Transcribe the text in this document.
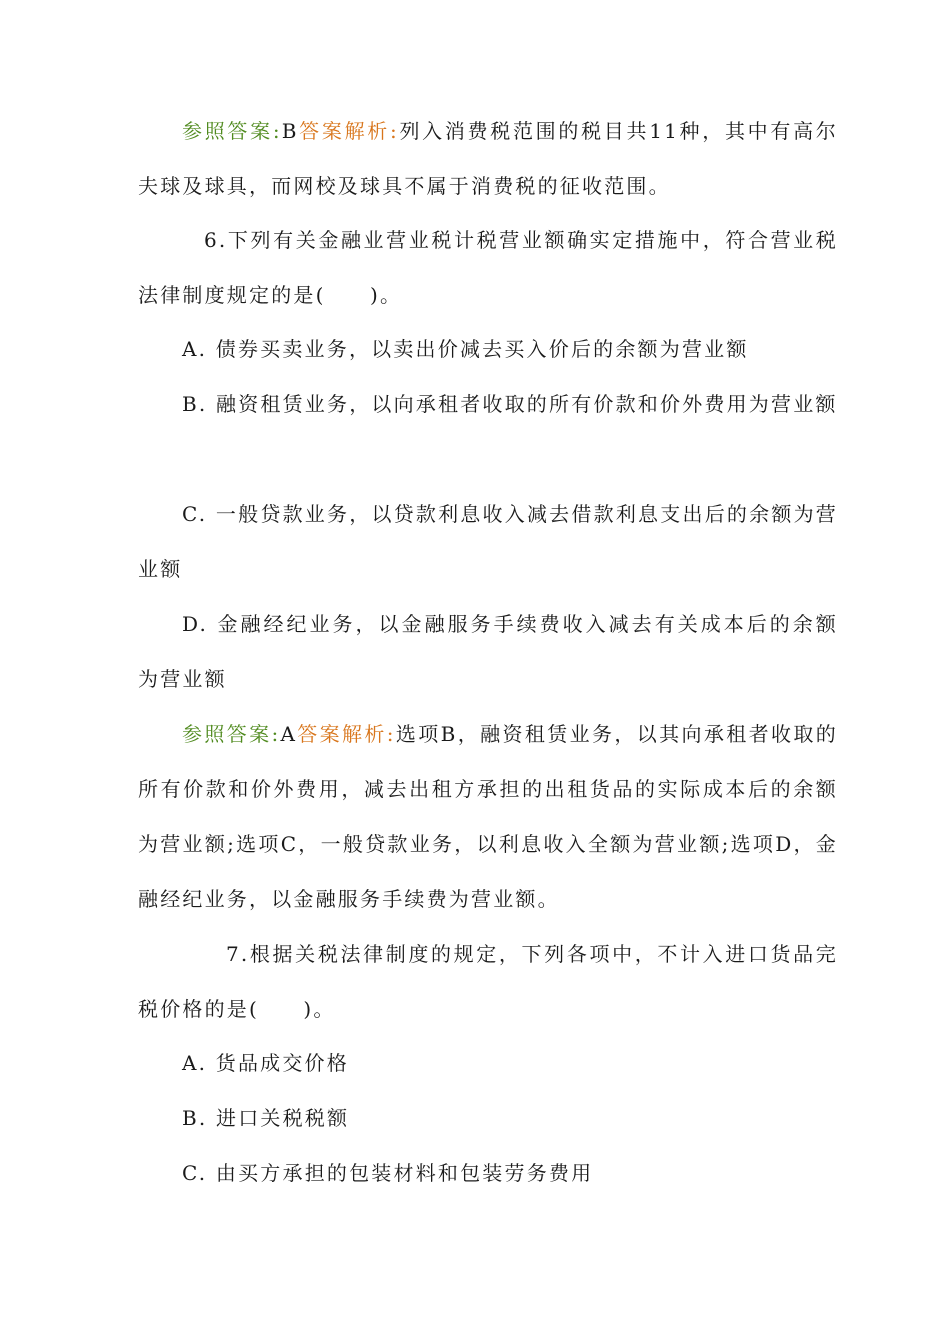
参照答案:B答案解析:列入消费税范围的税目共11种，其中有高尔夫球及球具，而网校及球具不属于消费税的征收范围。

6.下列有关金融业营业税计税营业额确实定措施中，符合营业税法律制度规定的是(　　)。

A. 债券买卖业务，以卖出价减去买入价后的余额为营业额

B. 融资租赁业务，以向承租者收取的所有价款和价外费用为营业额

C. 一般贷款业务，以贷款利息收入减去借款利息支出后的余额为营业额

D. 金融经纪业务，以金融服务手续费收入减去有关成本后的余额为营业额

参照答案:A答案解析:选项B，融资租赁业务，以其向承租者收取的所有价款和价外费用，减去出租方承担的出租货品的实际成本后的余额为营业额;选项C，一般贷款业务，以利息收入全额为营业额;选项D，金融经纪业务，以金融服务手续费为营业额。

7.根据关税法律制度的规定，下列各项中，不计入进口货品完税价格的是(　　)。

A. 货品成交价格

B. 进口关税税额

C. 由买方承担的包装材料和包装劳务费用
